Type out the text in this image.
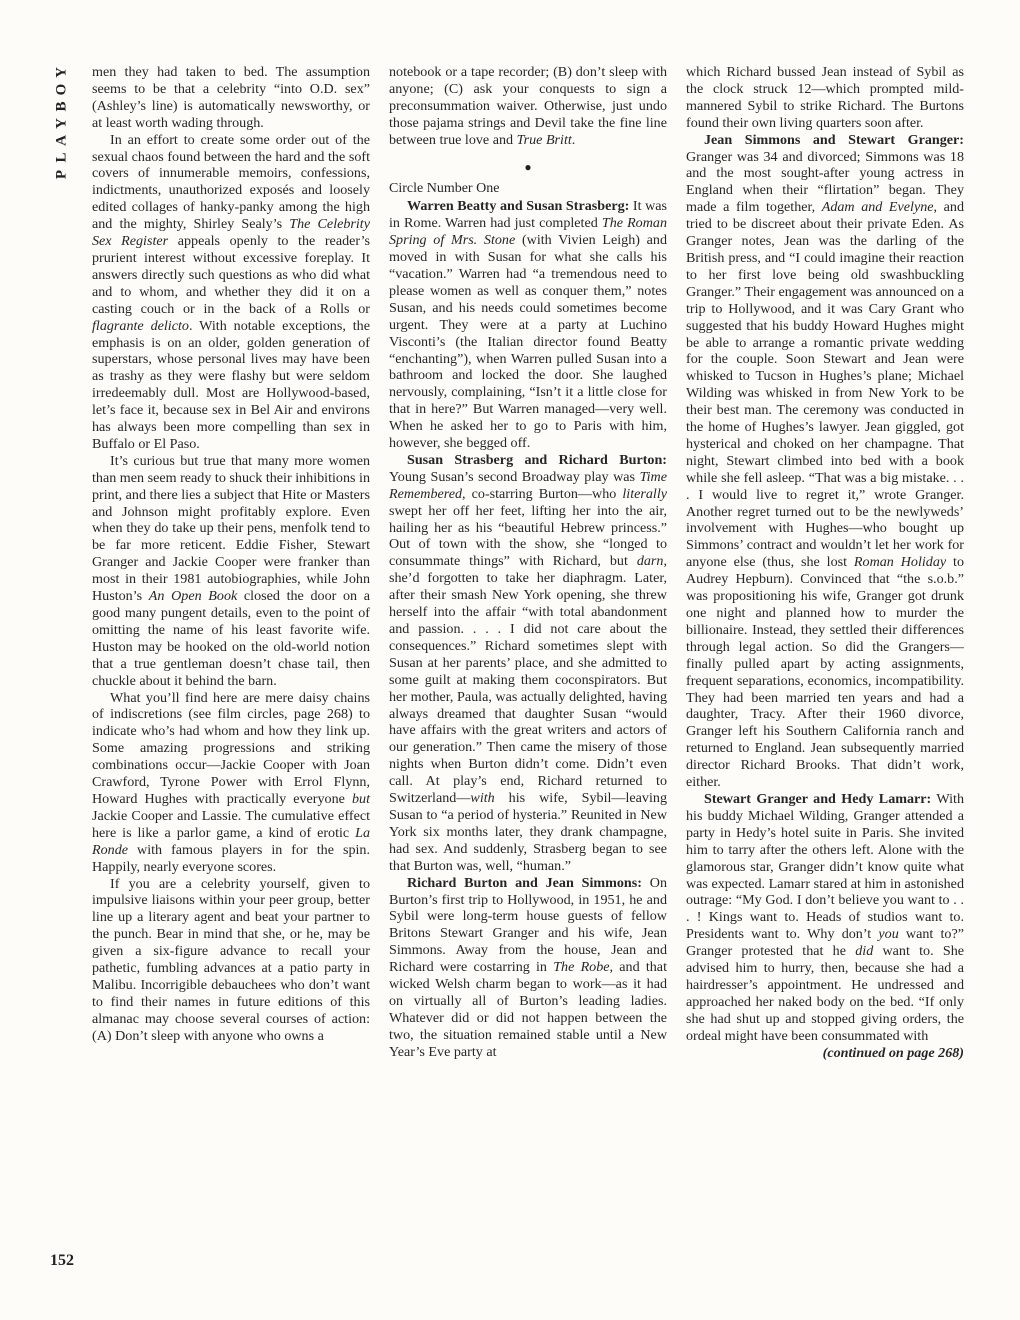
Y
O
B
Y
A
L
P

men they had taken to bed. The assumption seems to be that a celebrity “into O.D. sex” (Ashley’s line) is automatically newsworthy, or at least worth wading through.

In an effort to create some order out of the sexual chaos found between the hard and the soft covers of innumerable memoirs, confessions, indictments, unauthorized exposés and loosely edited collages of hanky-panky among the high and the mighty, Shirley Sealy’s The Celebrity Sex Register appeals openly to the reader’s prurient interest without excessive foreplay. It answers directly such questions as who did what and to whom, and whether they did it on a casting couch or in the back of a Rolls or flagrante delicto. With notable exceptions, the emphasis is on an older, golden generation of superstars, whose personal lives may have been as trashy as they were flashy but were seldom irredeemably dull. Most are Hollywood-based, let’s face it, because sex in Bel Air and environs has always been more compelling than sex in Buffalo or El Paso.

It’s curious but true that many more women than men seem ready to shuck their inhibitions in print, and there lies a subject that Hite or Masters and Johnson might profitably explore. Even when they do take up their pens, menfolk tend to be far more reticent. Eddie Fisher, Stewart Granger and Jackie Cooper were franker than most in their 1981 autobiographies, while John Huston’s An Open Book closed the door on a good many pungent details, even to the point of omitting the name of his least favorite wife. Huston may be hooked on the old-world notion that a true gentleman doesn’t chase tail, then chuckle about it behind the barn.

What you’ll find here are mere daisy chains of indiscretions (see film circles, page 268) to indicate who’s had whom and how they link up. Some amazing progressions and striking combinations occur—Jackie Cooper with Joan Crawford, Tyrone Power with Errol Flynn, Howard Hughes with practically everyone but Jackie Cooper and Lassie. The cumulative effect here is like a parlor game, a kind of erotic La Ronde with famous players in for the spin. Happily, nearly everyone scores.

If you are a celebrity yourself, given to impulsive liaisons within your peer group, better line up a literary agent and beat your partner to the punch. Bear in mind that she, or he, may be given a six-figure advance to recall your pathetic, fumbling advances at a patio party in Malibu. Incorrigible debauchees who don’t want to find their names in future editions of this almanac may choose several courses of action: (A) Don’t sleep with anyone who owns a

notebook or a tape recorder; (B) don’t sleep with anyone; (C) ask your conquests to sign a preconsummation waiver. Otherwise, just undo those pajama strings and Devil take the fine line between true love and True Britt.

●

Circle Number One

Warren Beatty and Susan Strasberg: It was in Rome. Warren had just completed The Roman Spring of Mrs. Stone (with Vivien Leigh) and moved in with Susan for what she calls his “vacation.” Warren had “a tremendous need to please women as well as conquer them,” notes Susan, and his needs could sometimes become urgent. They were at a party at Luchino Visconti’s (the Italian director found Beatty “enchanting”), when Warren pulled Susan into a bathroom and locked the door. She laughed nervously, complaining, “Isn’t it a little close for that in here?” But Warren managed—very well. When he asked her to go to Paris with him, however, she begged off.

Susan Strasberg and Richard Burton: Young Susan’s second Broadway play was Time Remembered, co-starring Burton—who literally swept her off her feet, lifting her into the air, hailing her as his “beautiful Hebrew princess.” Out of town with the show, she “longed to consummate things” with Richard, but darn, she’d forgotten to take her diaphragm. Later, after their smash New York opening, she threw herself into the affair “with total abandonment and passion. . . . I did not care about the consequences.” Richard sometimes slept with Susan at her parents’ place, and she admitted to some guilt at making them coconspirators. But her mother, Paula, was actually delighted, having always dreamed that daughter Susan “would have affairs with the great writers and actors of our generation.” Then came the misery of those nights when Burton didn’t come. Didn’t even call. At play’s end, Richard returned to Switzerland—with his wife, Sybil—leaving Susan to “a period of hysteria.” Reunited in New York six months later, they drank champagne, had sex. And suddenly, Strasberg began to see that Burton was, well, “human.”

Richard Burton and Jean Simmons: On Burton’s first trip to Hollywood, in 1951, he and Sybil were long-term house guests of fellow Britons Stewart Granger and his wife, Jean Simmons. Away from the house, Jean and Richard were costarring in The Robe, and that wicked Welsh charm began to work—as it had on virtually all of Burton’s leading ladies. Whatever did or did not happen between the two, the situation remained stable until a New Year’s Eve party at

which Richard bussed Jean instead of Sybil as the clock struck 12—which prompted mild-mannered Sybil to strike Richard. The Burtons found their own living quarters soon after.

Jean Simmons and Stewart Granger: Granger was 34 and divorced; Simmons was 18 and the most sought-after young actress in England when their “flirtation” began. They made a film together, Adam and Evelyne, and tried to be discreet about their private Eden. As Granger notes, Jean was the darling of the British press, and “I could imagine their reaction to her first love being old swashbuckling Granger.” Their engagement was announced on a trip to Hollywood, and it was Cary Grant who suggested that his buddy Howard Hughes might be able to arrange a romantic private wedding for the couple. Soon Stewart and Jean were whisked to Tucson in Hughes’s plane; Michael Wilding was whisked in from New York to be their best man. The ceremony was conducted in the home of Hughes’s lawyer. Jean giggled, got hysterical and choked on her champagne. That night, Stewart climbed into bed with a book while she fell asleep. “That was a big mistake. . . . I would live to regret it,” wrote Granger. Another regret turned out to be the newlyweds’ involvement with Hughes—who bought up Simmons’ contract and wouldn’t let her work for anyone else (thus, she lost Roman Holiday to Audrey Hepburn). Convinced that “the s.o.b.” was propositioning his wife, Granger got drunk one night and planned how to murder the billionaire. Instead, they settled their differences through legal action. So did the Grangers—finally pulled apart by acting assignments, frequent separations, economics, incompatibility. They had been married ten years and had a daughter, Tracy. After their 1960 divorce, Granger left his Southern California ranch and returned to England. Jean subsequently married director Richard Brooks. That didn’t work, either.

Stewart Granger and Hedy Lamarr: With his buddy Michael Wilding, Granger attended a party in Hedy’s hotel suite in Paris. She invited him to tarry after the others left. Alone with the glamorous star, Granger didn’t know quite what was expected. Lamarr stared at him in astonished outrage: “My God. I don’t believe you want to . . . ! Kings want to. Heads of studios want to. Presidents want to. Why don’t you want to?” Granger protested that he did want to. She advised him to hurry, then, because she had a hairdresser’s appointment. He undressed and approached her naked body on the bed. “If only she had shut up and stopped giving orders, the ordeal might have been consummated with

(continued on page 268)

152
